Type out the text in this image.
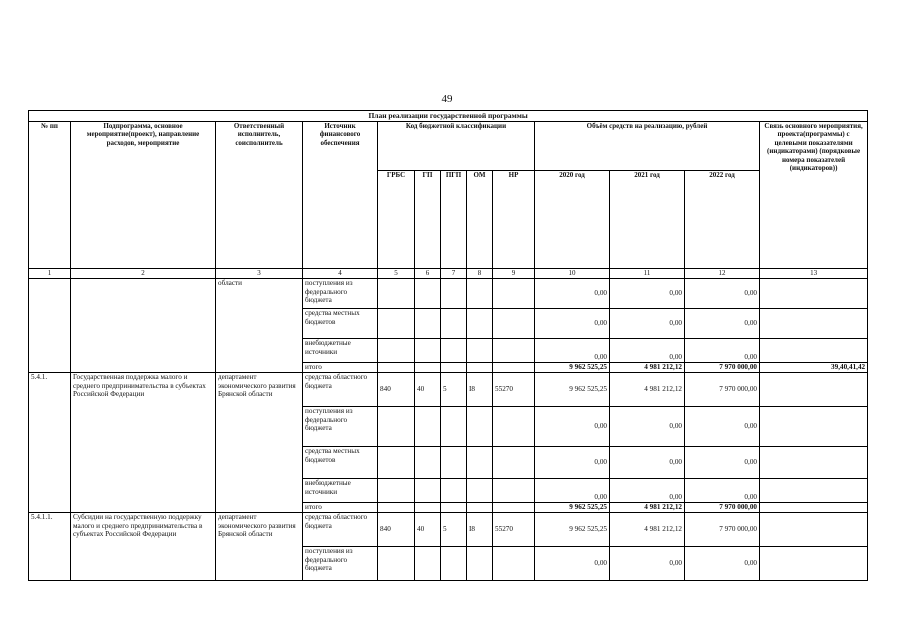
49
План реализации государственной программы												
№ пп	Подпрограмма, основное мероприятие(проект), направление расходов, мероприятие	Ответственный исполнитель, соисполнитель	Источник финансового обеспечения	Код бюджетной классификации					Объём средств на реализацию, рублей			Связь основного мероприятия, проекта(программы) с целевыми показателями (индикаторами) (порядковые номера показателей (индикаторов))
				ГРБС	ГП	ПГП	ОМ	НР	2020 год	2021 год	2022 год	
1	2	3	4	5	6	7	8	9	10	11	12	13
		области	поступления из федерального бюджета						0,00	0,00	0,00	
			средства местных бюджетов						0,00	0,00	0,00	
			внебюджетные источники						0,00	0,00	0,00	
			итого						9 962 525,25	4 981 212,12	7 970 000,00	39,40,41,42
5.4.1.	Государственная поддержка малого и среднего предпринимательства в субъектах Российской Федерации	департамент экономического развития Брянской области	средства областного бюджета	840	40	5	I8	55270	9 962 525,25	4 981 212,12	7 970 000,00	
			поступления из федерального бюджета						0,00	0,00	0,00	
			средства местных бюджетов						0,00	0,00	0,00	
			внебюджетные источники						0,00	0,00	0,00	
			итого						9 962 525,25	4 981 212,12	7 970 000,00	
5.4.1.1.	Субсидии на государственную поддержку малого и среднего предпринимательства в субъектах Российской Федерации	департамент экономического развития Брянской области	средства областного бюджета	840	40	5	I8	55270	9 962 525,25	4 981 212,12	7 970 000,00	
			поступления из федерального бюджета						0,00	0,00	0,00	
